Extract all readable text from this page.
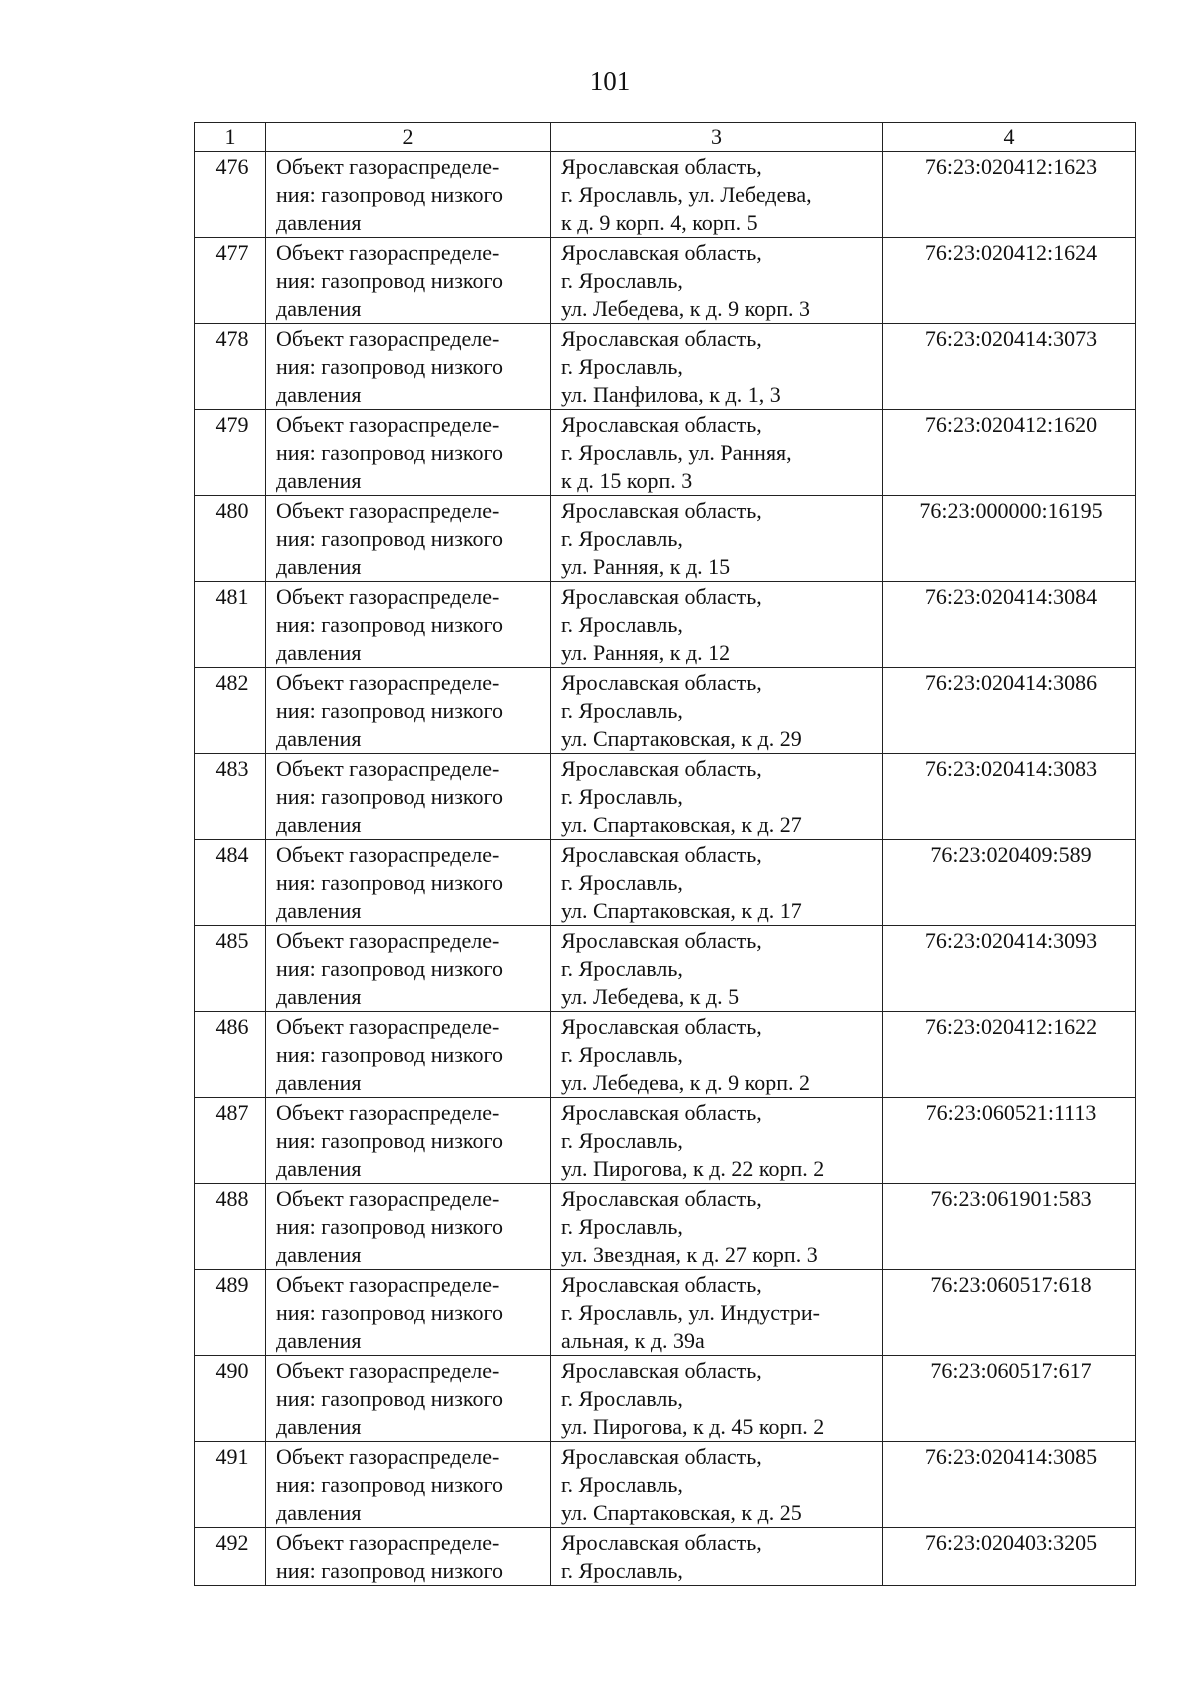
101
1	2	3	4
476	Объект газораспределе-
ния: газопровод низкого
давления	Ярославская область,
г. Ярославль, ул. Лебедева,
к д. 9 корп. 4, корп. 5	76:23:020412:1623
477	Объект газораспределе-
ния: газопровод низкого
давления	Ярославская область,
г. Ярославль,
ул. Лебедева, к д. 9 корп. 3	76:23:020412:1624
478	Объект газораспределе-
ния: газопровод низкого
давления	Ярославская область,
г. Ярославль,
ул. Панфилова, к д. 1, 3	76:23:020414:3073
479	Объект газораспределе-
ния: газопровод низкого
давления	Ярославская область,
г. Ярославль, ул. Ранняя,
к д. 15 корп. 3	76:23:020412:1620
480	Объект газораспределе-
ния: газопровод низкого
давления	Ярославская область,
г. Ярославль,
ул. Ранняя, к д. 15	76:23:000000:16195
481	Объект газораспределе-
ния: газопровод низкого
давления	Ярославская область,
г. Ярославль,
ул. Ранняя, к д. 12	76:23:020414:3084
482	Объект газораспределе-
ния: газопровод низкого
давления	Ярославская область,
г. Ярославль,
ул. Спартаковская, к д. 29	76:23:020414:3086
483	Объект газораспределе-
ния: газопровод низкого
давления	Ярославская область,
г. Ярославль,
ул. Спартаковская, к д. 27	76:23:020414:3083
484	Объект газораспределе-
ния: газопровод низкого
давления	Ярославская область,
г. Ярославль,
ул. Спартаковская, к д. 17	76:23:020409:589
485	Объект газораспределе-
ния: газопровод низкого
давления	Ярославская область,
г. Ярославль,
ул. Лебедева, к д. 5	76:23:020414:3093
486	Объект газораспределе-
ния: газопровод низкого
давления	Ярославская область,
г. Ярославль,
ул. Лебедева, к д. 9 корп. 2	76:23:020412:1622
487	Объект газораспределе-
ния: газопровод низкого
давления	Ярославская область,
г. Ярославль,
ул. Пирогова, к д. 22 корп. 2	76:23:060521:1113
488	Объект газораспределе-
ния: газопровод низкого
давления	Ярославская область,
г. Ярославль,
ул. Звездная, к д. 27 корп. 3	76:23:061901:583
489	Объект газораспределе-
ния: газопровод низкого
давления	Ярославская область,
г. Ярославль, ул. Индустри-
альная, к д. 39а	76:23:060517:618
490	Объект газораспределе-
ния: газопровод низкого
давления	Ярославская область,
г. Ярославль,
ул. Пирогова, к д. 45 корп. 2	76:23:060517:617
491	Объект газораспределе-
ния: газопровод низкого
давления	Ярославская область,
г. Ярославль,
ул. Спартаковская, к д. 25	76:23:020414:3085
492	Объект газораспределе-
ния: газопровод низкого	Ярославская область,
г. Ярославль,	76:23:020403:3205
